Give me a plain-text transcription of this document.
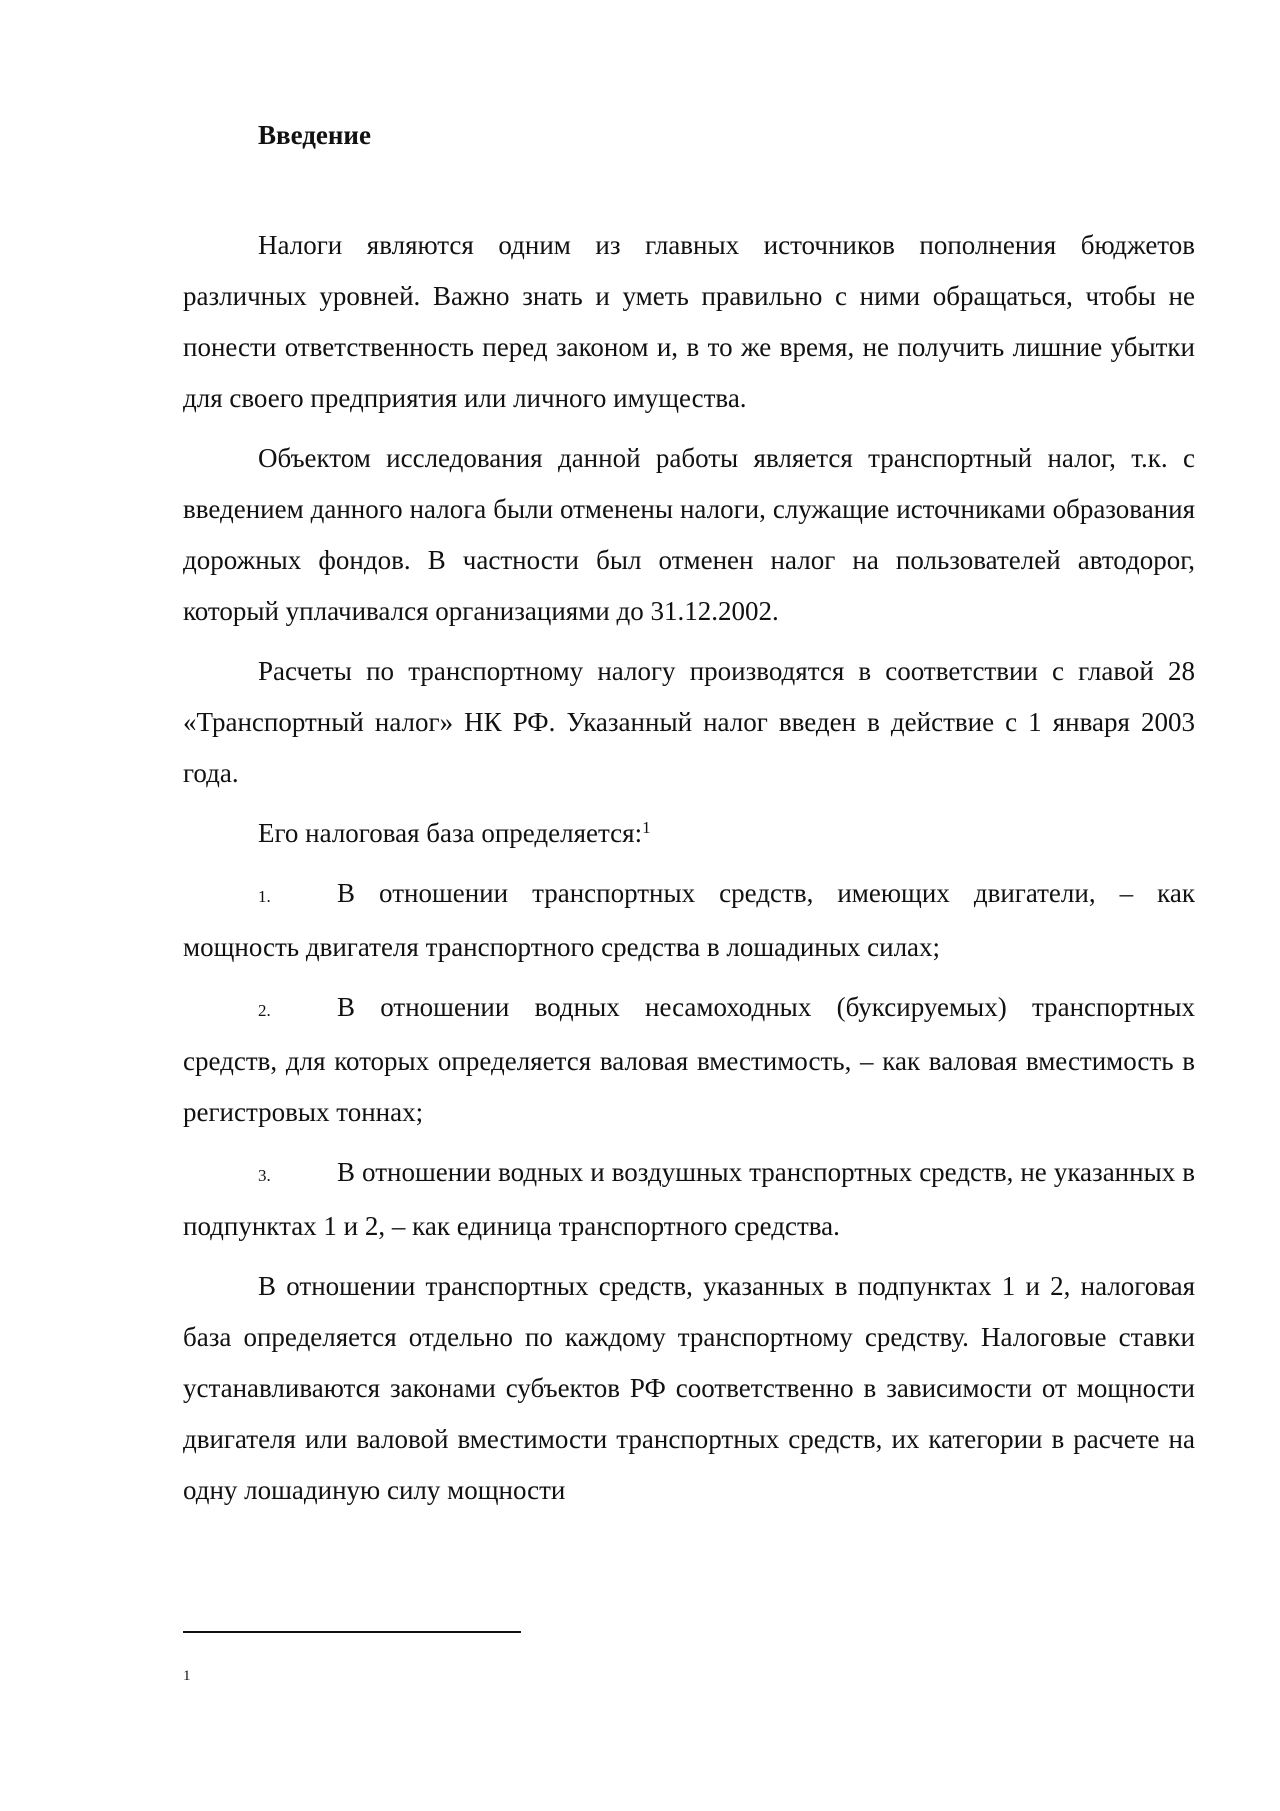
Введение

Налоги являются одним из главных источников пополнения бюджетов различных уровней. Важно знать и уметь правильно с ними обращаться, чтобы не понести ответственность перед законом и, в то же время, не получить лишние убытки для своего предприятия или личного имущества.

Объектом исследования данной работы является транспортный налог, т.к. с введением данного налога были отменены налоги, служащие источниками образования дорожных фондов. В частности был отменен налог на пользователей автодорог, который уплачивался организациями до 31.12.2002.

Расчеты по транспортному налогу производятся в соответствии с главой 28 «Транспортный налог» НК РФ. Указанный налог введен в действие с 1 января 2003 года.

Его налоговая база определяется:$^1$

1. В отношении транспортных средств, имеющих двигатели, – как мощность двигателя транспортного средства в лошадиных силах;

2. В отношении водных несамоходных (буксируемых) транспортных средств, для которых определяется валовая вместимость, – как валовая вместимость в регистровых тоннах;

3. В отношении водных и воздушных транспортных средств, не указанных в подпунктах 1 и 2, – как единица транспортного средства.

В отношении транспортных средств, указанных в подпунктах 1 и 2, налоговая база определяется отдельно по каждому транспортному средству. Налоговые ставки устанавливаются законами субъектов РФ соответственно в зависимости от мощности двигателя или валовой вместимости транспортных средств, их категории в расчете на одну лошадиную силу мощности

1
